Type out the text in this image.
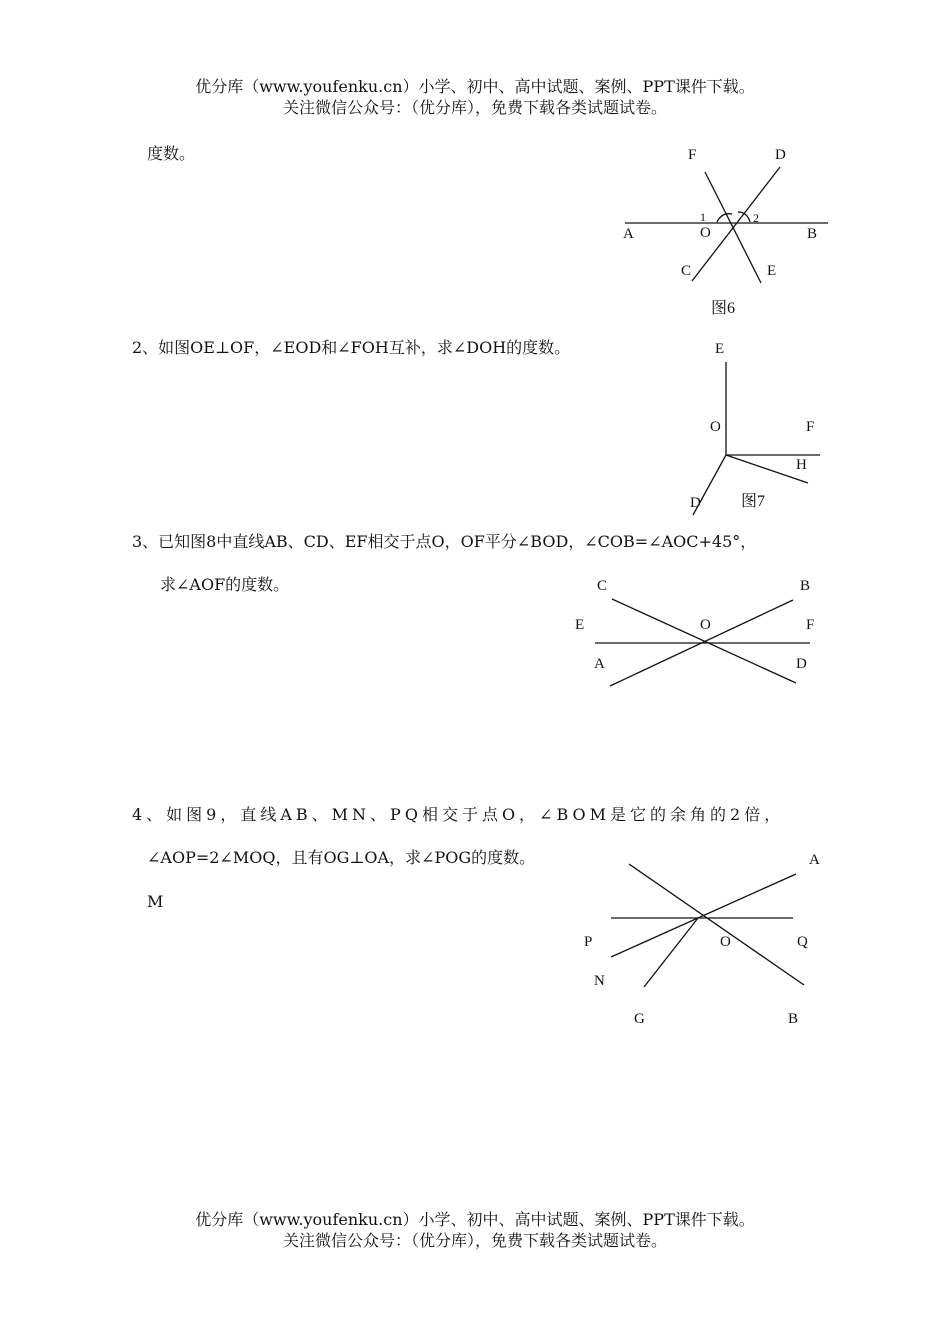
优分库（www.youfenku.cn）小学、初中、高中试题、案例、PPT课件下载。
关注微信公众号：（优分库），免费下载各类试题试卷。
度数。
2、如图OE⊥OF，∠EOD和∠FOH互补，求∠DOH的度数。
3、已知图8中直线AB、CD、EF相交于点O，OF平分∠BOD，∠COB=∠AOC+45°，
求∠AOF的度数。
4、如图9，直线AB、MN、PQ相交于点O，∠BOM是它的余角的2倍，
∠AOP=2∠MOQ，且有OG⊥OA，求∠POG的度数。
M
F	D
A	O	B
C	E
1	2
图6
E
O	F
H
D	图7
C	B
E	O	F
A	D
A
P	O	Q
N
G	B
优分库（www.youfenku.cn）小学、初中、高中试题、案例、PPT课件下载。
关注微信公众号：（优分库），免费下载各类试题试卷。
